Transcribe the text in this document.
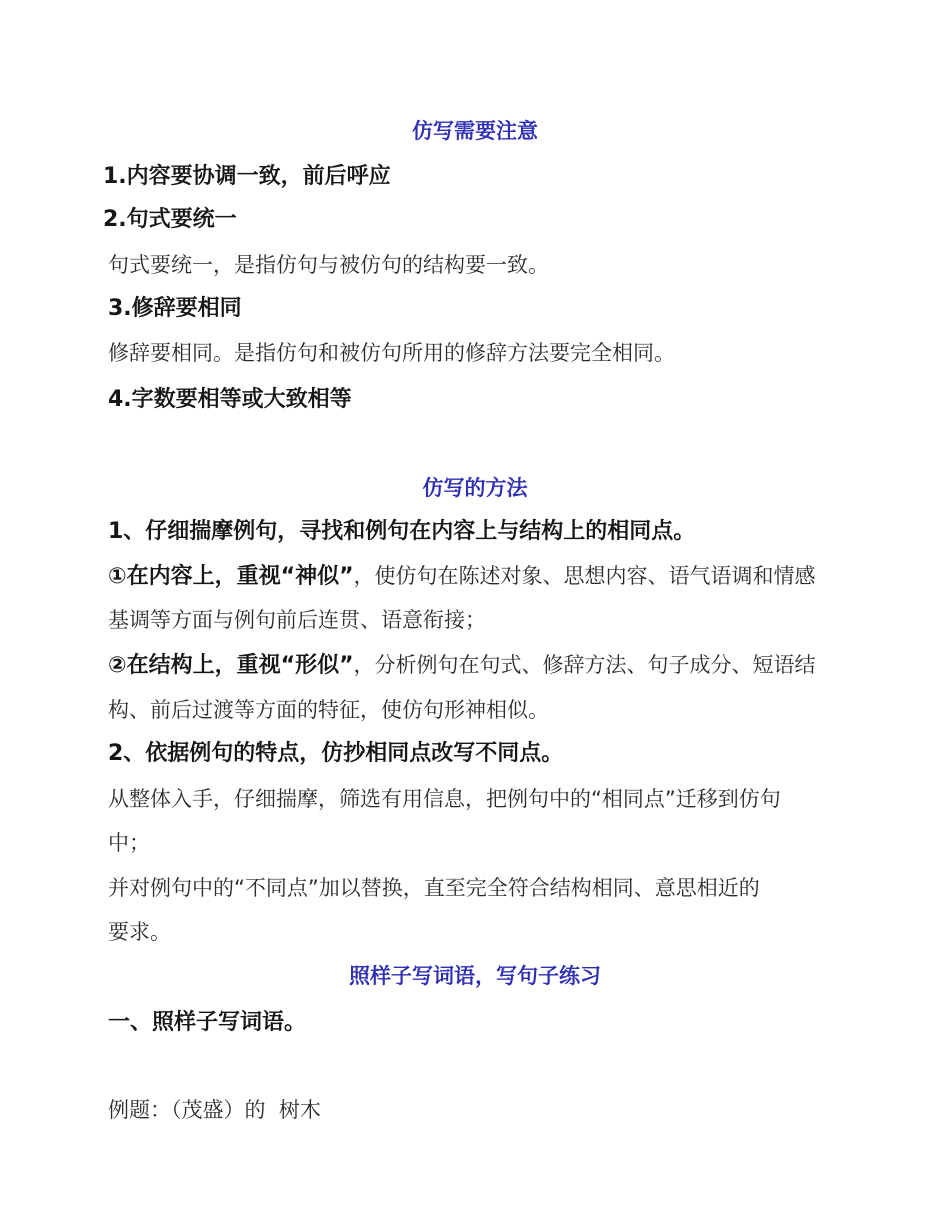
仿写需要注意
1.内容要协调一致，前后呼应
2.句式要统一
句式要统一，是指仿句与被仿句的结构要一致。
3.修辞要相同
修辞要相同。是指仿句和被仿句所用的修辞方法要完全相同。
4.字数要相等或大致相等
仿写的方法
1、仔细揣摩例句，寻找和例句在内容上与结构上的相同点。
①在内容上，重视“神似”，使仿句在陈述对象、思想内容、语气语调和情感
基调等方面与例句前后连贯、语意衔接；
②在结构上，重视“形似”，分析例句在句式、修辞方法、句子成分、短语结
构、前后过渡等方面的特征，使仿句形神相似。
2、依据例句的特点，仿抄相同点改写不同点。
从整体入手，仔细揣摩，筛选有用信息，把例句中的“相同点”迁移到仿句
中；
并对例句中的“不同点”加以替换，直至完全符合结构相同、意思相近的
要求。
照样子写词语，写句子练习
一、照样子写词语。
例题：（茂盛）的  树木
